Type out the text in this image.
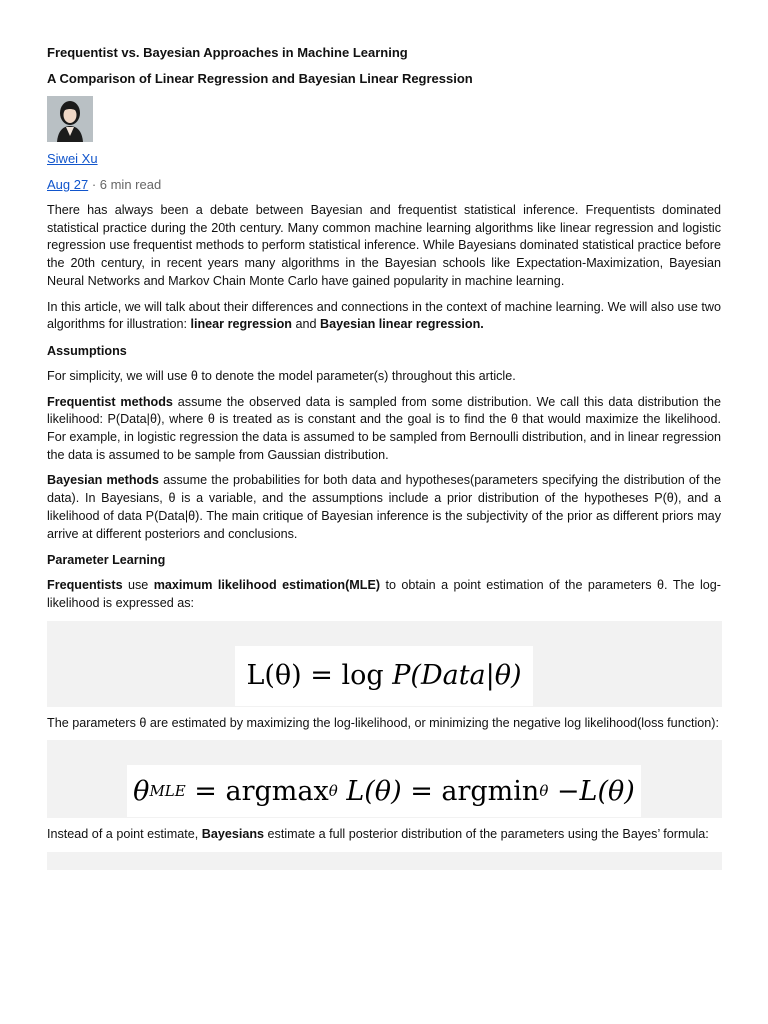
Frequentist vs. Bayesian Approaches in Machine Learning
A Comparison of Linear Regression and Bayesian Linear Regression
Siwei Xu
Aug 27 · 6 min read

There has always been a debate between Bayesian and frequentist statistical inference. Frequentists dominated statistical practice during the 20th century. Many common machine learning algorithms like linear regression and logistic regression use frequentist methods to perform statistical inference. While Bayesians dominated statistical practice before the 20th century, in recent years many algorithms in the Bayesian schools like Expectation-Maximization, Bayesian Neural Networks and Markov Chain Monte Carlo have gained popularity in machine learning.

In this article, we will talk about their differences and connections in the context of machine learning. We will also use two algorithms for illustration: linear regression and Bayesian linear regression.

Assumptions

For simplicity, we will use θ to denote the model parameter(s) throughout this article.

Frequentist methods assume the observed data is sampled from some distribution. We call this data distribution the likelihood: P(Data|θ), where θ is treated as is constant and the goal is to find the θ that would maximize the likelihood. For example, in logistic regression the data is assumed to be sampled from Bernoulli distribution, and in linear regression the data is assumed to be sample from Gaussian distribution.

Bayesian methods assume the probabilities for both data and hypotheses(parameters specifying the distribution of the data). In Bayesians, θ is a variable, and the assumptions include a prior distribution of the hypotheses P(θ), and a likelihood of data P(Data|θ). The main critique of Bayesian inference is the subjectivity of the prior as different priors may arrive at different posteriors and conclusions.

Parameter Learning

Frequentists use maximum likelihood estimation(MLE) to obtain a point estimation of the parameters θ. The log-likelihood is expressed as:

L(θ) = log P(Data|θ)

The parameters θ are estimated by maximizing the log-likelihood, or minimizing the negative log likelihood(loss function):

θ MLE = argmax θ L(θ) = argmin θ −L(θ)

Instead of a point estimate, Bayesians estimate a full posterior distribution of the parameters using the Bayes’ formula:
